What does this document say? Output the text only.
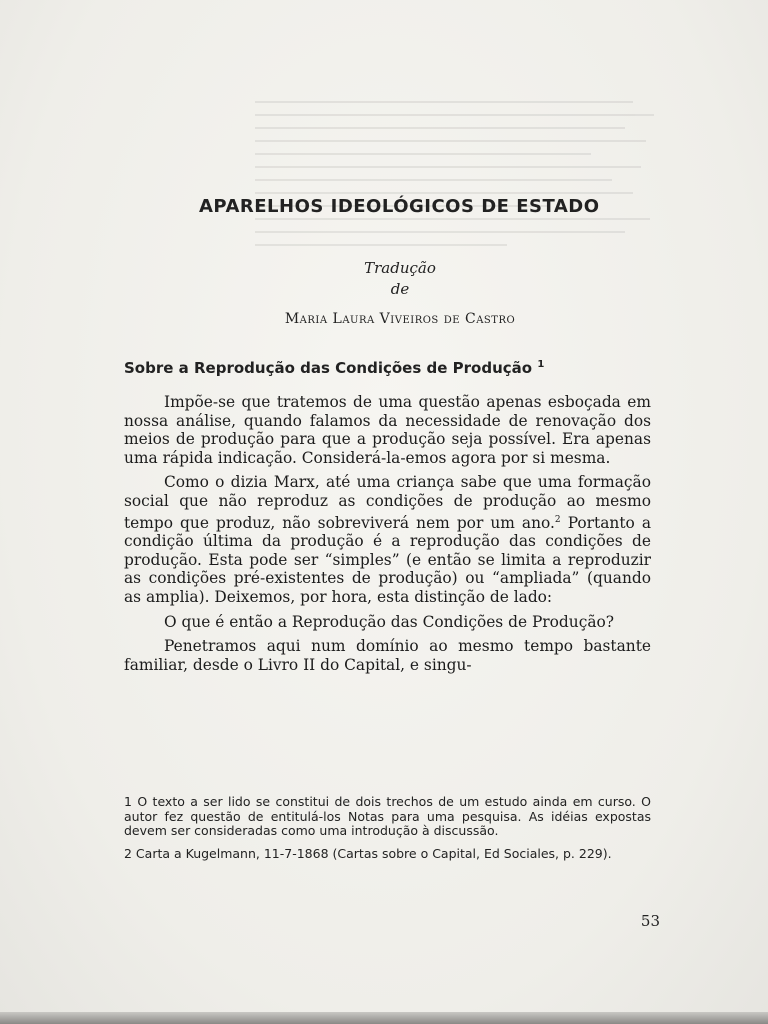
APARELHOS IDEOLÓGICOS DE ESTADO
Tradução
de
Maria Laura Viveiros de Castro
Sobre a Reprodução das Condições de Produção $^1$

Impõe-se que tratemos de uma questão apenas esboçada em nossa análise, quando falamos da necessidade de renovação dos meios de produção para que a produção seja possível. Era apenas uma rápida indicação. Considerá-la-emos agora por si mesma.

Como o dizia Marx, até uma criança sabe que uma formação social que não reproduz as condições de produção ao mesmo tempo que produz, não sobreviverá nem por um ano.$^2$ Portanto a condição última da produção é a reprodução das condições de produção. Esta pode ser “simples” (e então se limita a reproduzir as condições pré-existentes de produção) ou “ampliada” (quando as amplia). Deixemos, por hora, esta distinção de lado:

O que é então a Reprodução das Condições de Produção?

Penetramos aqui num domínio ao mesmo tempo bastante familiar, desde o Livro II do Capital, e singu-

1 O texto a ser lido se constitui de dois trechos de um estudo ainda em curso. O autor fez questão de entitulá-los Notas para uma pesquisa. As idéias expostas devem ser consideradas como uma introdução à discussão.

2 Carta a Kugelmann, 11-7-1868 (Cartas sobre o Capital, Ed Sociales, p. 229).

53
